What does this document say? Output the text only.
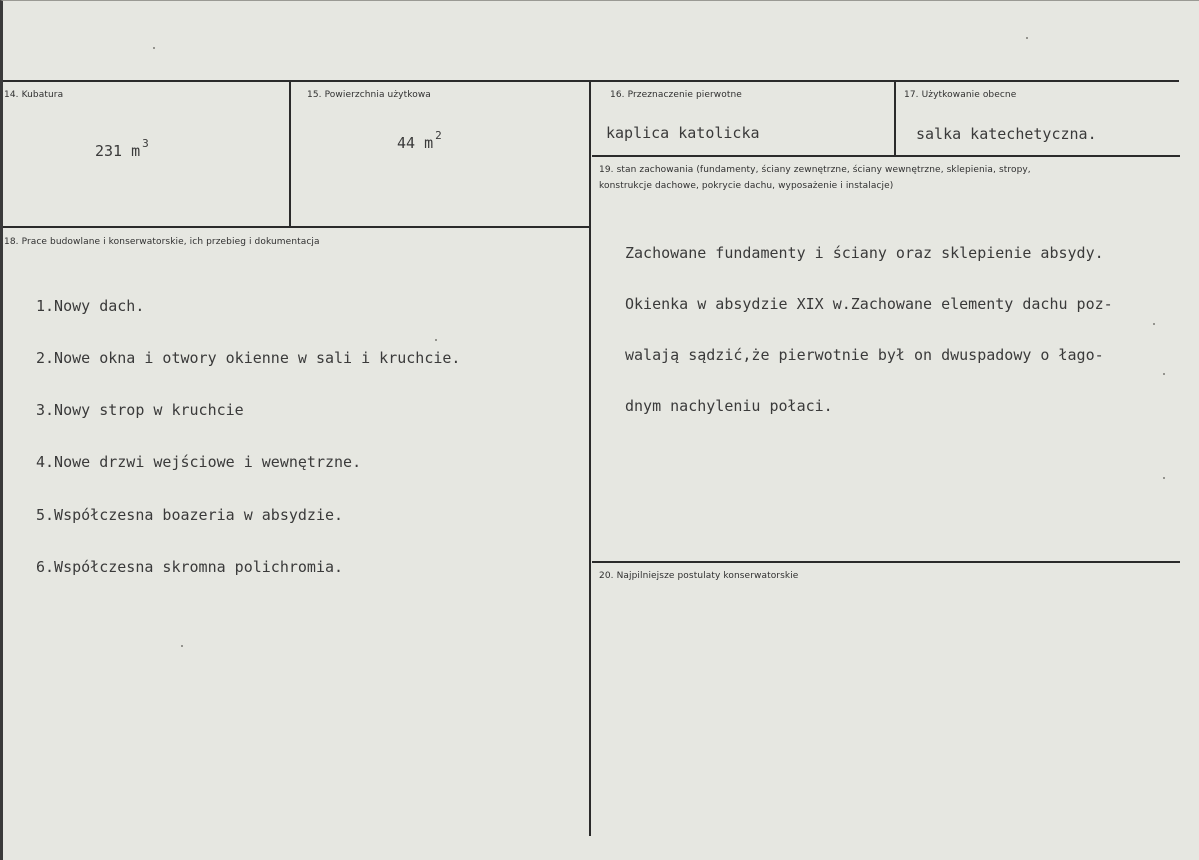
14. Kubatura
231 m $^3$
15. Powierzchnia użytkowa
44 m $^2$
16. Przeznaczenie pierwotne
kaplica katolicka
17. Użytkowanie obecne
salka katechetyczna.
19. stan zachowania (fundamenty, ściany zewnętrzne, ściany wewnętrzne, sklepienia, stropy,
konstrukcje dachowe, pokrycie dachu, wyposażenie i instalacje)

Zachowane fundamenty i ściany oraz sklepienie absydy.

Okienka w absydzie XIX w.Zachowane elementy dachu poz-

walają sądzić,że pierwotnie był on dwuspadowy o łago-

dnym nachyleniu połaci.

18. Prace budowlane i konserwatorskie, ich przebieg i dokumentacja

1.Nowy dach.

2.Nowe okna i otwory okienne w sali i kruchcie.

3.Nowy strop w kruchcie

4.Nowe drzwi wejściowe i wewnętrzne.

5.Współczesna boazeria w absydzie.

6.Współczesna skromna polichromia.

20. Najpilniejsze postulaty konserwatorskie
